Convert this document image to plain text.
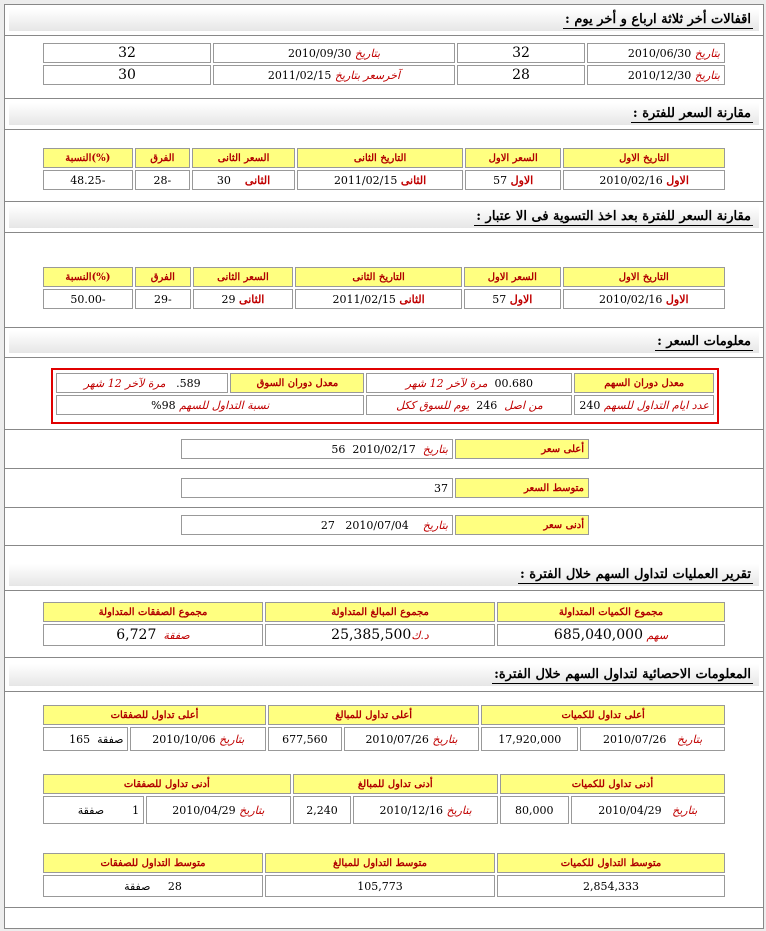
اقفالات أخر ثلاثة ارباع و أخر يوم :
بتاريخ 2010/06/30	32	بتاريخ 2010/09/30	32
بتاريخ 2010/12/30	28	آخرسعر بتاريخ 2011/02/15	30
مقارنة السعر للفترة :
التاريخ الاول	السعر الاول	التاريخ الثانى	السعر الثانى	الفرق	(%)النسبة
الاول 2010/02/16	الاول 57	الثانى 2011/02/15	الثانى    30	-28	-48.25
مقارنة السعر للفترة بعد اخذ التسوية فى الا عتبار :
التاريخ الاول	السعر الاول	التاريخ الثانى	السعر الثانى	الفرق	(%)النسبة
الاول 2010/02/16	الاول 57	الثانى 2011/02/15	الثانى 29	-29	-50.00
معلومات السعر :
معدل دوران السهم	00.680  مرة لآخر 12 شهر	معدل دوران السوق	589.   مرة لآخر 12 شهر
عدد ايام التداول للسهم 240	من اصل  246  يوم للسوق ككل	نسبة التداول للسهم 98%	
أعلى سعر	بتاريخ  2010/02/17  56
متوسط السعر	37
أدنى سعر	بتاريخ    2010/07/04   27
تقرير العمليات لتداول السهم خلال الفترة :
مجموع الكميات المتداولة	مجموع المبالغ المتداولة	مجموع الصفقات المتداولة
سهم 685,040,000	د.ك25,385,500	صفقة  6,727
المعلومات الاحصائية لتداول السهم خلال الفترة:
أعلى تداول للكميات		أعلى تداول للمبالغ		أعلى تداول للصفقات	
بتاريخ   2010/07/26	17,920,000	بتاريخ 2010/07/26	677,560	بتاريخ 2010/10/06	صفقة  165
أدنى تداول للكميات		أدنى تداول للمبالغ		أدنى تداول للصفقات	
بتاريخ   2010/04/29	80,000	بتاريخ 2010/12/16	2,240	بتاريخ 2010/04/29	1        صفقة
متوسط التداول للكميات	متوسط التداول للمبالغ	متوسط التداول للصفقات
2,854,333	105,773	28     صفقة
